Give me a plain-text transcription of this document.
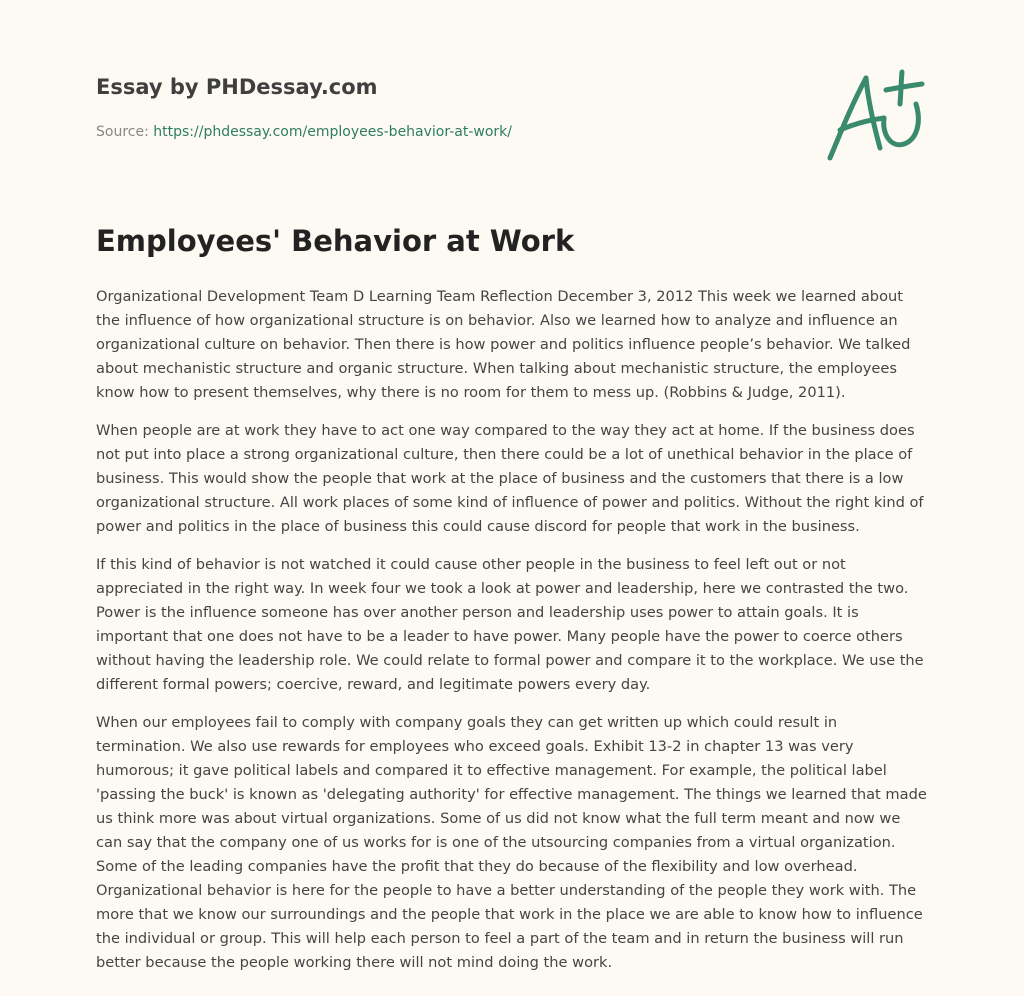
Essay by PHDessay.com
Source: https://phdessay.com/employees-behavior-at-work/
Employees' Behavior at Work

Organizational Development Team D Learning Team Reflection December 3, 2012 This week we learned about the influence of how organizational structure is on behavior. Also we learned how to analyze and influence an organizational culture on behavior. Then there is how power and politics influence people’s behavior. We talked about mechanistic structure and organic structure. When talking about mechanistic structure, the employees know how to present themselves, why there is no room for them to mess up. (Robbins & Judge, 2011).

When people are at work they have to act one way compared to the way they act at home. If the business does not put into place a strong organizational culture, then there could be a lot of unethical behavior in the place of business. This would show the people that work at the place of business and the customers that there is a low organizational structure. All work places of some kind of influence of power and politics. Without the right kind of power and politics in the place of business this could cause discord for people that work in the business.

If this kind of behavior is not watched it could cause other people in the business to feel left out or not appreciated in the right way. In week four we took a look at power and leadership, here we contrasted the two. Power is the influence someone has over another person and leadership uses power to attain goals. It is important that one does not have to be a leader to have power. Many people have the power to coerce others without having the leadership role. We could relate to formal power and compare it to the workplace. We use the different formal powers; coercive, reward, and legitimate powers every day.

When our employees fail to comply with company goals they can get written up which could result in termination. We also use rewards for employees who exceed goals. Exhibit 13-2 in chapter 13 was very humorous; it gave political labels and compared it to effective management. For example, the political label 'passing the buck' is known as 'delegating authority' for effective management. The things we learned that made us think more was about virtual organizations. Some of us did not know what the full term meant and now we can say that the company one of us works for is one of the utsourcing companies from a virtual organization. Some of the leading companies have the profit that they do because of the flexibility and low overhead. Organizational behavior is here for the people to have a better understanding of the people they work with. The more that we know our surroundings and the people that work in the place we are able to know how to influence the individual or group. This will help each person to feel a part of the team and in return the business will run better because the people working there will not mind doing the work.
